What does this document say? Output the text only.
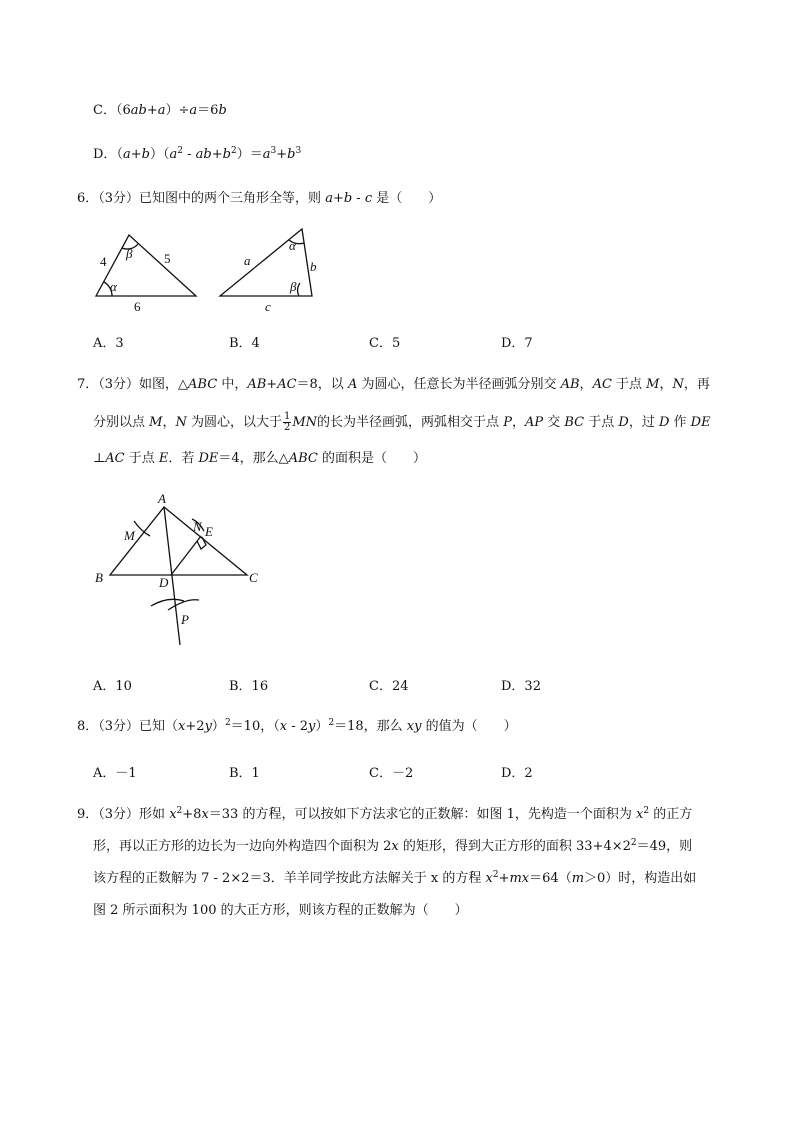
C．（6ab+a）÷a＝6b
D．$(a+b)(a^2 - ab+b^2)=a^3+b^3$
6．（3分）已知图中的两个三角形全等，则 a+b - c 是（　　）
4	5
6
β
α
a	b
c
α
β
A．3	B．4	C．5	D．7
7．（3分）如图，△ABC 中，AB+AC＝8，以 A 为圆心，任意长为半径画弧分别交 AB，AC 于点 M，N，再
分别以点 M，N 为圆心，以大于 $\frac{1}{2}$ MN的长为半径画弧，两弧相交于点 P，AP 交 BC 于点 D，过 D 作 DE
⊥AC 于点 E．若 DE＝4，那么△ABC 的面积是（　　）
A
B	C
D
E
M
N
P
A．10	B．16	C．24	D．32
8．（3分）已知$(x+2y)^2=10$，（x - 2y）$^2$＝18，那么 xy 的值为（　　）
A．－1	B．1	C．－2	D．2
9．（3分）形如 $x^2+8x=33$ 的方程，可以按如下方法求它的正数解：如图 1，先构造一个面积为 $x^2$ 的正方
形，再以正方形的边长为一边向外构造四个面积为 2x 的矩形，得到大正方形的面积 $33+4\times 2^2=49$，则
该方程的正数解为 7 - 2×2＝3．羊羊同学按此方法解关于 x 的方程 $x^2+mx=64(m>0)$时，构造出如
图 2 所示面积为 100 的大正方形，则该方程的正数解为（　　）
